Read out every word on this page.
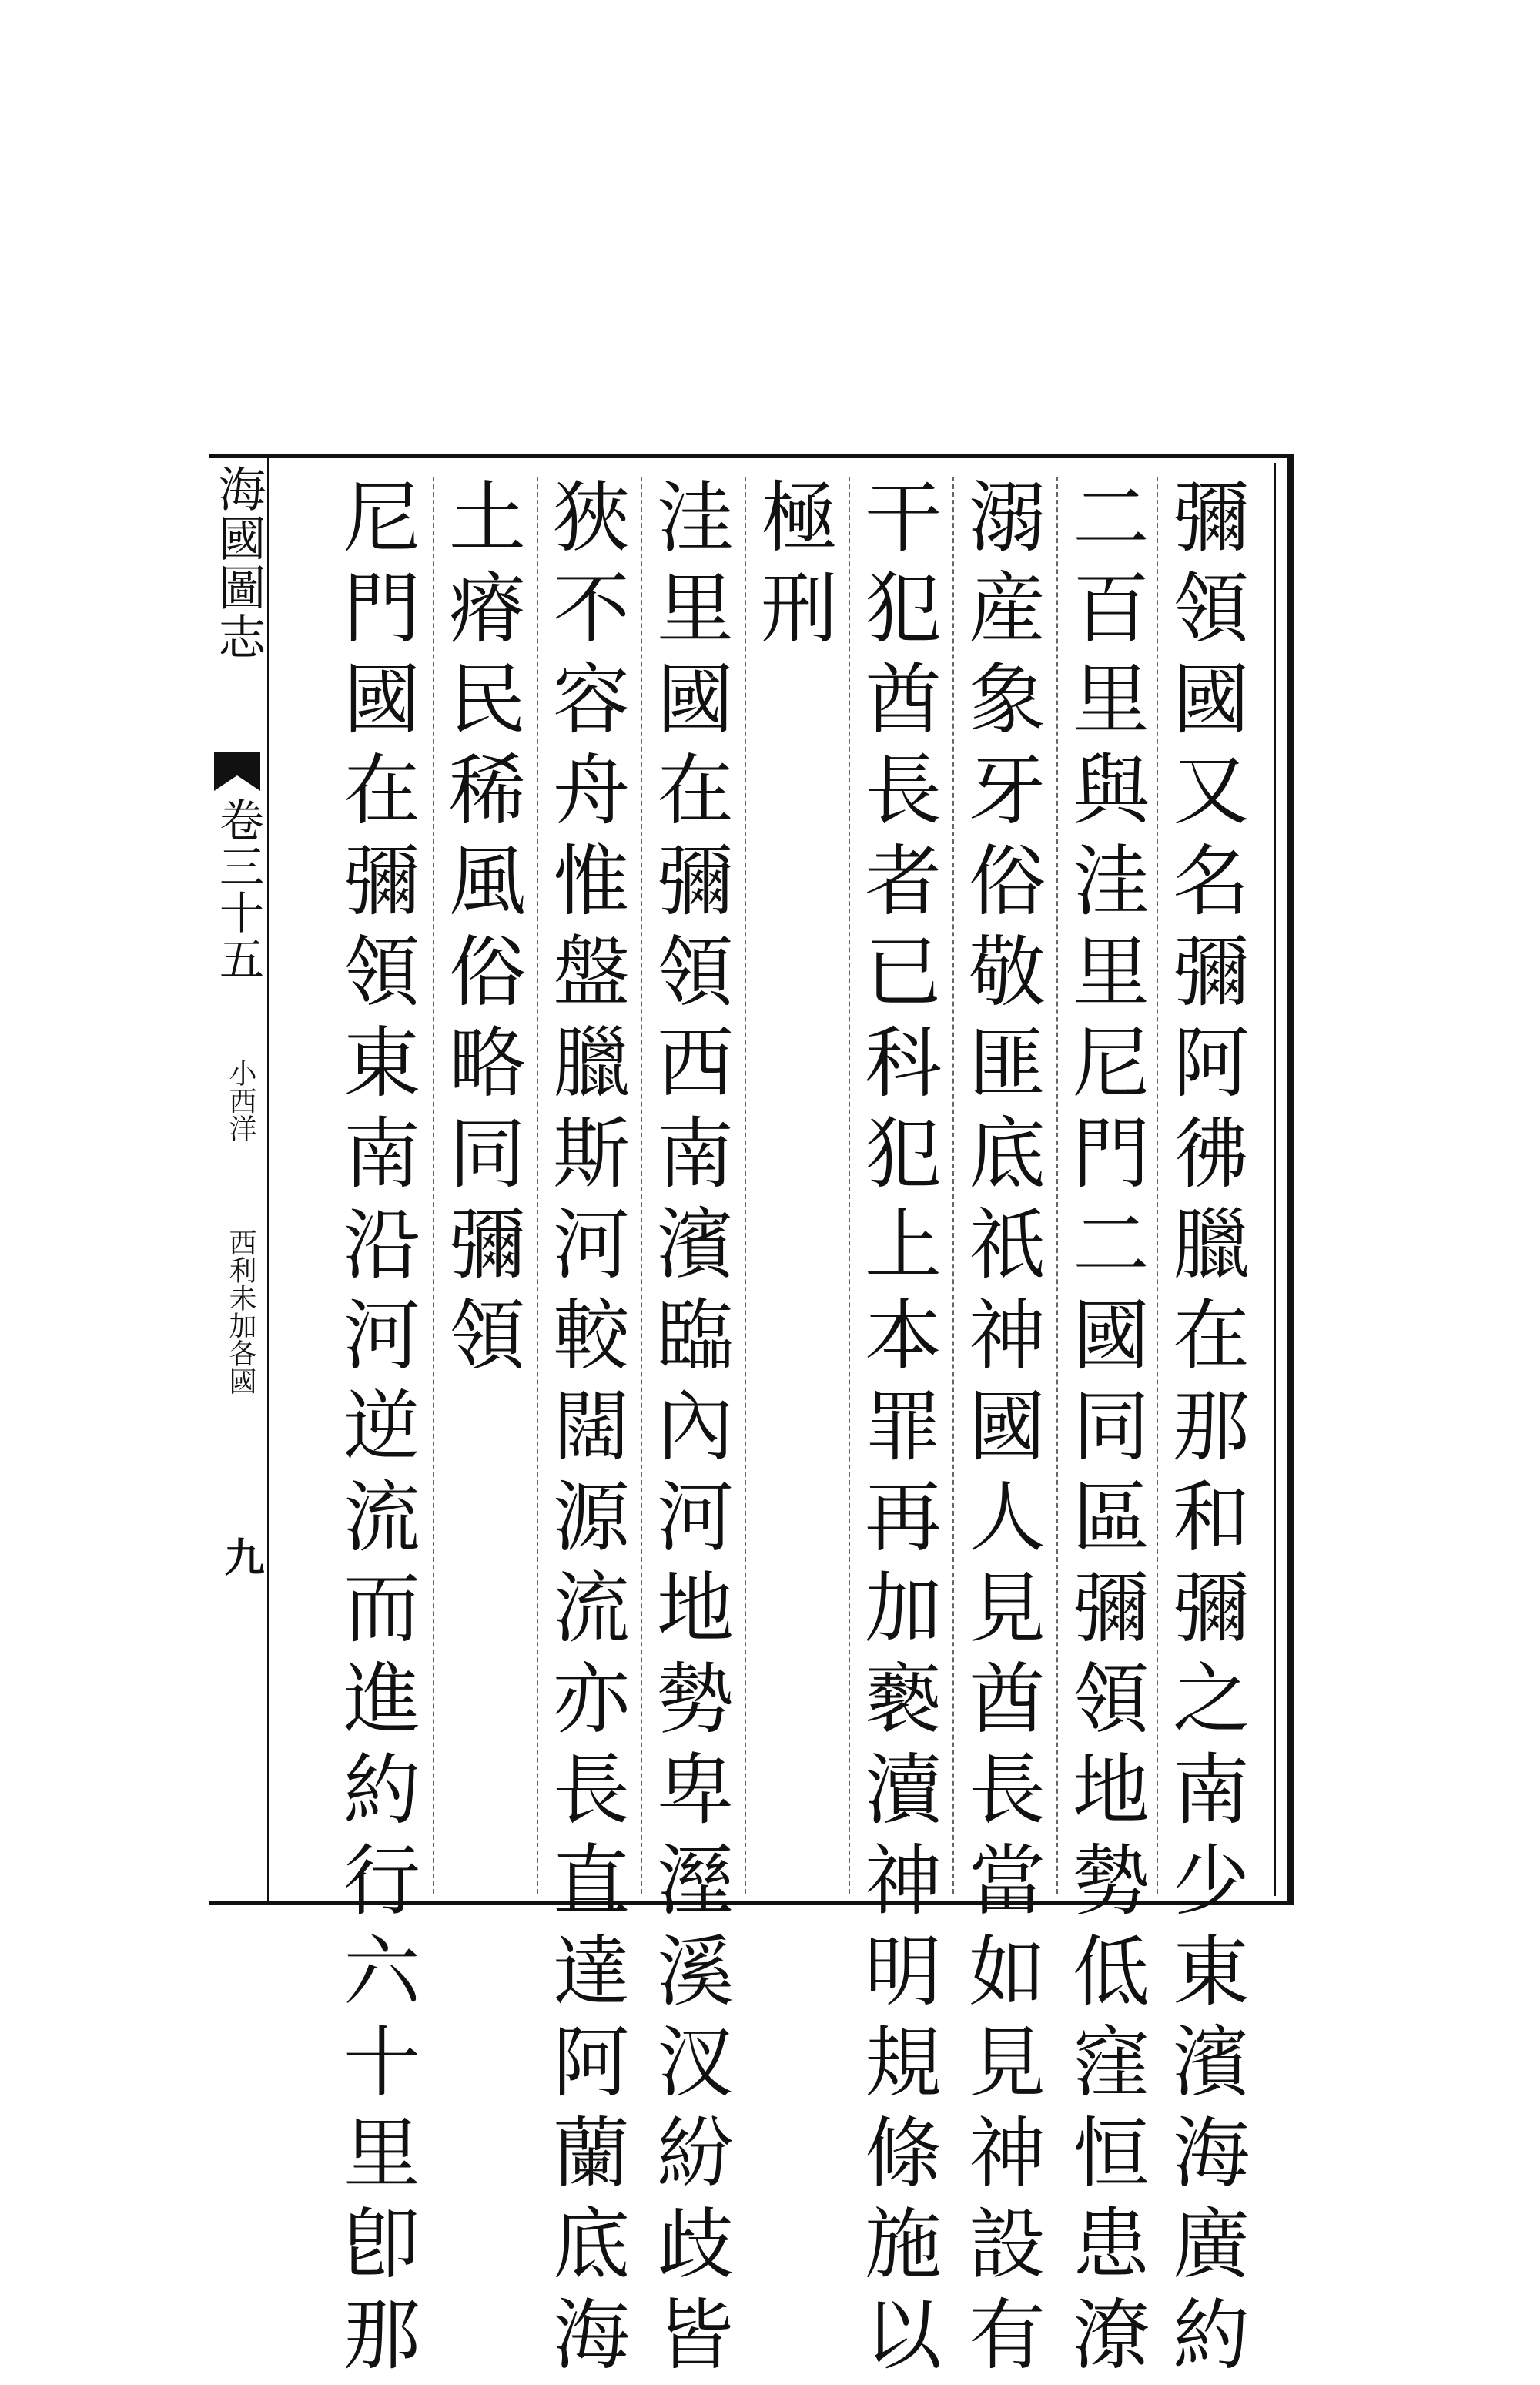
海國圖志
卷三十五
小西洋
西利未加各國
九	彌領國又名彌阿彿臘在那和彌之南少東濱海廣約
二百里與洼里尼門二國同區彌領地勢低窪恒患潦
溺産象牙俗敬匪底祇神國人見酋長當如見神設有
干犯酋長者已科犯上本罪再加褻瀆神明規條施以
極刑
洼里國在彌領西南濱臨內河地勢卑溼溪汊紛歧皆
狹不容舟惟盤臘斯河較闊源流亦長直達阿蘭底海
土瘠民稀風俗略同彌領
尼門國在彌領東南沿河逆流而進約行六十里卽那
